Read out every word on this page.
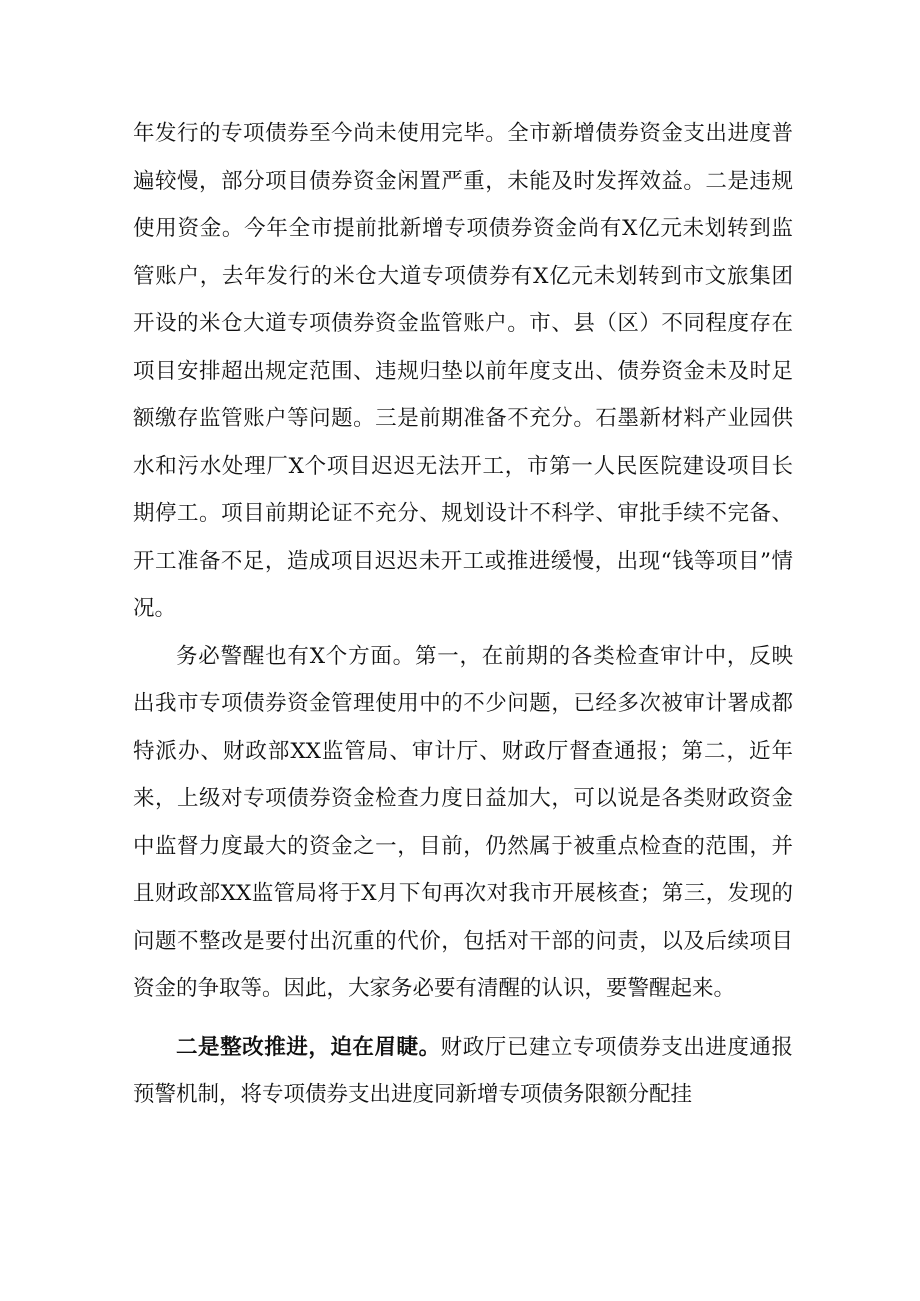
年发行的专项债券至今尚未使用完毕。全市新增债券资金支出进度普遍较慢，部分项目债券资金闲置严重，未能及时发挥效益。二是违规使用资金。今年全市提前批新增专项债券资金尚有X亿元未划转到监管账户，去年发行的米仓大道专项债券有X亿元未划转到市文旅集团开设的米仓大道专项债券资金监管账户。市、县（区）不同程度存在项目安排超出规定范围、违规归垫以前年度支出、债券资金未及时足额缴存监管账户等问题。三是前期准备不充分。石墨新材料产业园供水和污水处理厂X个项目迟迟无法开工，市第一人民医院建设项目长期停工。项目前期论证不充分、规划设计不科学、审批手续不完备、开工准备不足，造成项目迟迟未开工或推进缓慢，出现“钱等项目”情况。

务必警醒也有X个方面。第一，在前期的各类检查审计中，反映出我市专项债券资金管理使用中的不少问题，已经多次被审计署成都特派办、财政部XX监管局、审计厅、财政厅督查通报；第二，近年来，上级对专项债券资金检查力度日益加大，可以说是各类财政资金中监督力度最大的资金之一，目前，仍然属于被重点检查的范围，并且财政部XX监管局将于X月下旬再次对我市开展核查；第三，发现的问题不整改是要付出沉重的代价，包括对干部的问责，以及后续项目资金的争取等。因此，大家务必要有清醒的认识，要警醒起来。

二是整改推进，迫在眉睫。财政厅已建立专项债券支出进度通报预警机制，将专项债券支出进度同新增专项债务限额分配挂
